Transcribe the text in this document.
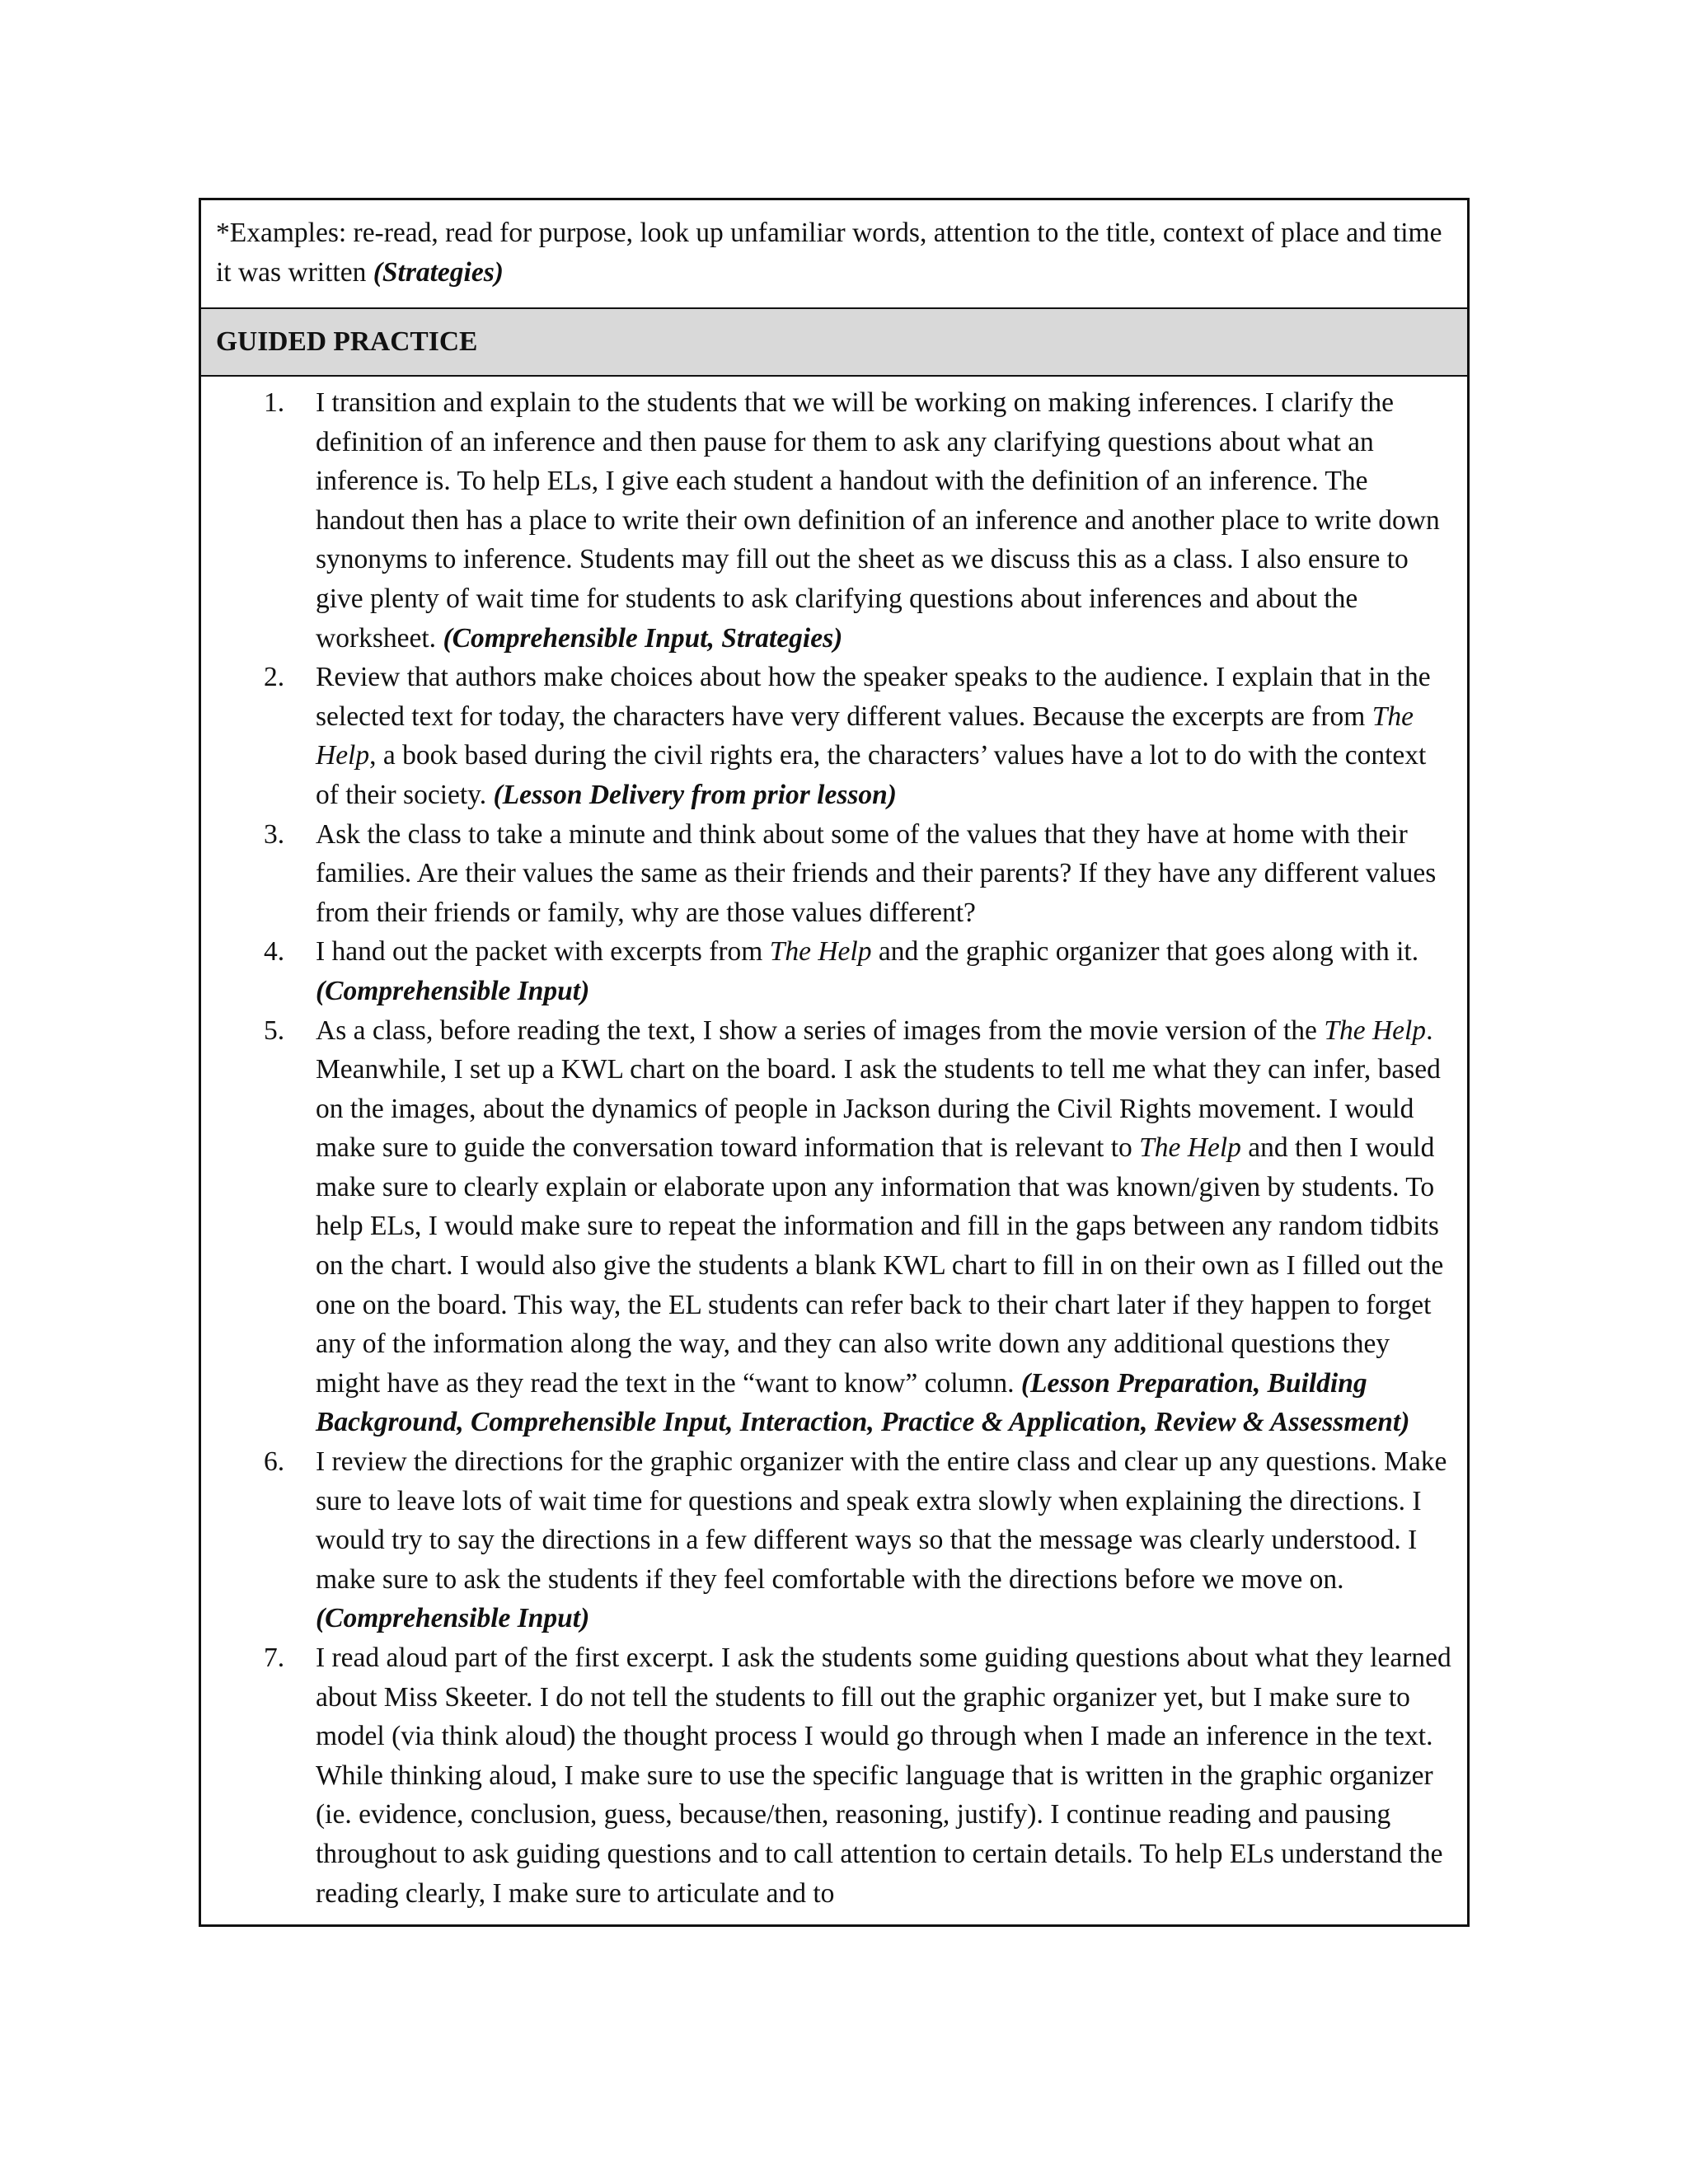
*Examples: re-read, read for purpose, look up unfamiliar words, attention to the title, context of place and time it was written (Strategies)
GUIDED PRACTICE
1.	I transition and explain to the students that we will be working on making inferences. I clarify the definition of an inference and then pause for them to ask any clarifying questions about what an inference is. To help ELs, I give each student a handout with the definition of an inference. The handout then has a place to write their own definition of an inference and another place to write down synonyms to inference. Students may fill out the sheet as we discuss this as a class. I also ensure to give plenty of wait time for students to ask clarifying questions about inferences and about the worksheet. (Comprehensible Input, Strategies)
2.	Review that authors make choices about how the speaker speaks to the audience. I explain that in the selected text for today, the characters have very different values. Because the excerpts are from The Help, a book based during the civil rights era, the characters’ values have a lot to do with the context of their society. (Lesson Delivery from prior lesson)
3.	Ask the class to take a minute and think about some of the values that they have at home with their families. Are their values the same as their friends and their parents? If they have any different values from their friends or family, why are those values different?
4.	I hand out the packet with excerpts from The Help and the graphic organizer that goes along with it. (Comprehensible Input)
5.	As a class, before reading the text, I show a series of images from the movie version of the The Help. Meanwhile, I set up a KWL chart on the board. I ask the students to tell me what they can infer, based on the images, about the dynamics of people in Jackson during the Civil Rights movement. I would make sure to guide the conversation toward information that is relevant to The Help and then I would make sure to clearly explain or elaborate upon any information that was known/given by students. To help ELs, I would make sure to repeat the information and fill in the gaps between any random tidbits on the chart. I would also give the students a blank KWL chart to fill in on their own as I filled out the one on the board. This way, the EL students can refer back to their chart later if they happen to forget any of the information along the way, and they can also write down any additional questions they might have as they read the text in the “want to know” column. (Lesson Preparation, Building Background, Comprehensible Input, Interaction, Practice & Application, Review & Assessment)
6.	I review the directions for the graphic organizer with the entire class and clear up any questions. Make sure to leave lots of wait time for questions and speak extra slowly when explaining the directions. I would try to say the directions in a few different ways so that the message was clearly understood. I make sure to ask the students if they feel comfortable with the directions before we move on. (Comprehensible Input)
7.	I read aloud part of the first excerpt. I ask the students some guiding questions about what they learned about Miss Skeeter. I do not tell the students to fill out the graphic organizer yet, but I make sure to model (via think aloud) the thought process I would go through when I made an inference in the text. While thinking aloud, I make sure to use the specific language that is written in the graphic organizer (ie. evidence, conclusion, guess, because/then, reasoning, justify). I continue reading and pausing throughout to ask guiding questions and to call attention to certain details. To help ELs understand the reading clearly, I make sure to articulate and to
